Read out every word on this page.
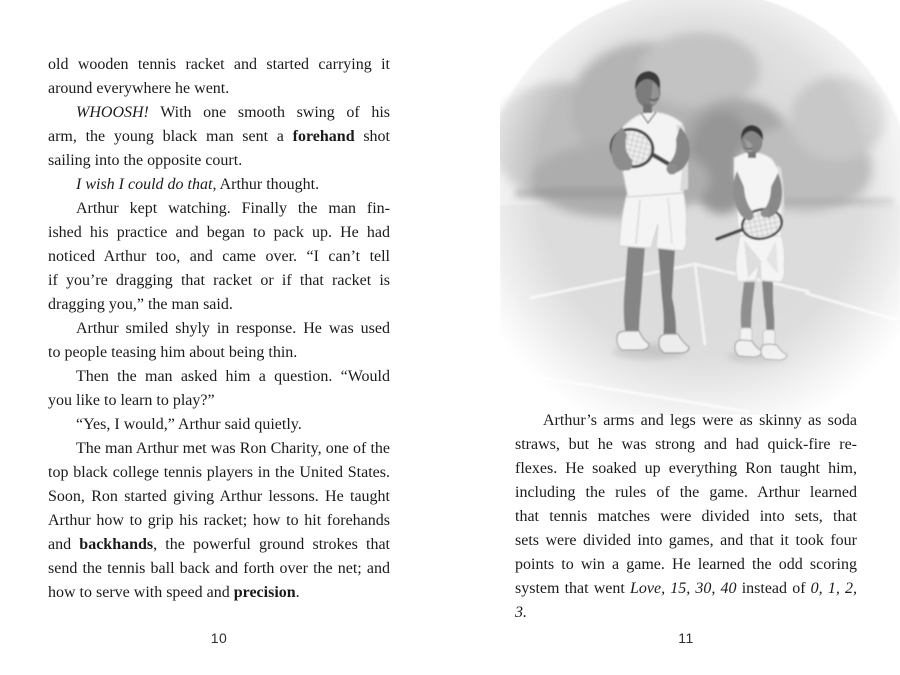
old wooden tennis racket and started carrying it
around everywhere he went.
WHOOSH! With one smooth swing of his
arm, the young black man sent a forehand shot
sailing into the opposite court.
I wish I could do that, Arthur thought.
Arthur kept watching. Finally the man fin-
ished his practice and began to pack up. He had
noticed Arthur too, and came over. “I can’t tell
if you’re dragging that racket or if that racket is
dragging you,” the man said.
Arthur smiled shyly in response. He was used
to people teasing him about being thin.
Then the man asked him a question. “Would
you like to learn to play?”
“Yes, I would,” Arthur said quietly.
The man Arthur met was Ron Charity, one of the
top black college tennis players in the United States.
Soon, Ron started giving Arthur lessons. He taught
Arthur how to grip his racket; how to hit forehands
and backhands, the powerful ground strokes that
send the tennis ball back and forth over the net; and
how to serve with speed and precision.
10
Arthur’s arms and legs were as skinny as soda
straws, but he was strong and had quick-fire re-
flexes. He soaked up everything Ron taught him,
including the rules of the game. Arthur learned
that tennis matches were divided into sets, that
sets were divided into games, and that it took four
points to win a game. He learned the odd scoring
system that went Love, 15, 30, 40 instead of 0, 1, 2, 3.
11
